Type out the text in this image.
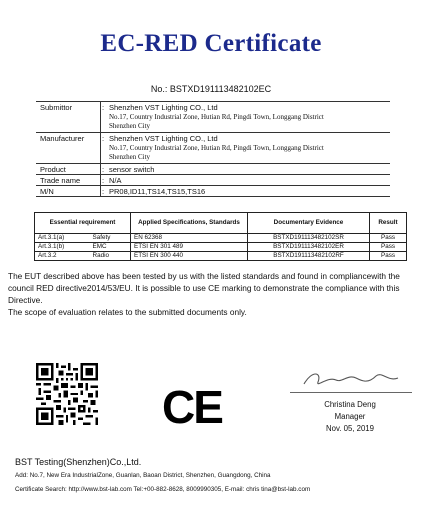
EC-RED Certificate
No.: BSTXD191113482102EC
Submittor	: Shenzhen VST Lighting CO., Ltd
No.17, Country Industrial Zone, Hutian Rd, Pingdi Town, Longgang District
Shenzhen City
Manufacturer : Shenzhen VST Lighting CO., Ltd
No.17, Country Industrial Zone, Hutian Rd, Pingdi Town, Longgang District
Shenzhen City
Product	: sensor switch
Trade name	: N/A
M/N	: PR08,ID11,TS14,TS15,TS16
Essential requirement		Applied Specifications, Standards	Documentary Evidence	Result
Art.3.1(a)	Safety	EN 62368	BSTXD191113482102SR	Pass
Art.3.1(b)	EMC	ETSI EN 301 489	BSTXD191113482102ER	Pass
Art.3.2	Radio	ETSI EN 300 440	BSTXD191113482102RF	Pass
The EUT described above has been tested by us with the listed standards and found in compliancewith the council RED directive2014/53/EU. It is possible to use CE marking to demonstrate the compliance with this Directive.
The scope of evaluation relates to the submitted documents only.
CE	Christina Deng
Manager
Nov. 05, 2019
BST Testing(Shenzhen)Co.,Ltd.
Add: No.7, New Era IndustrialZone, Guanlan, Baoan District, Shenzhen, Guangdong, China
Certificate Search: http://www.bst-lab.com Tel:+00-882-8628, 8009990305, E-mail: chris tina@bst-lab.com
